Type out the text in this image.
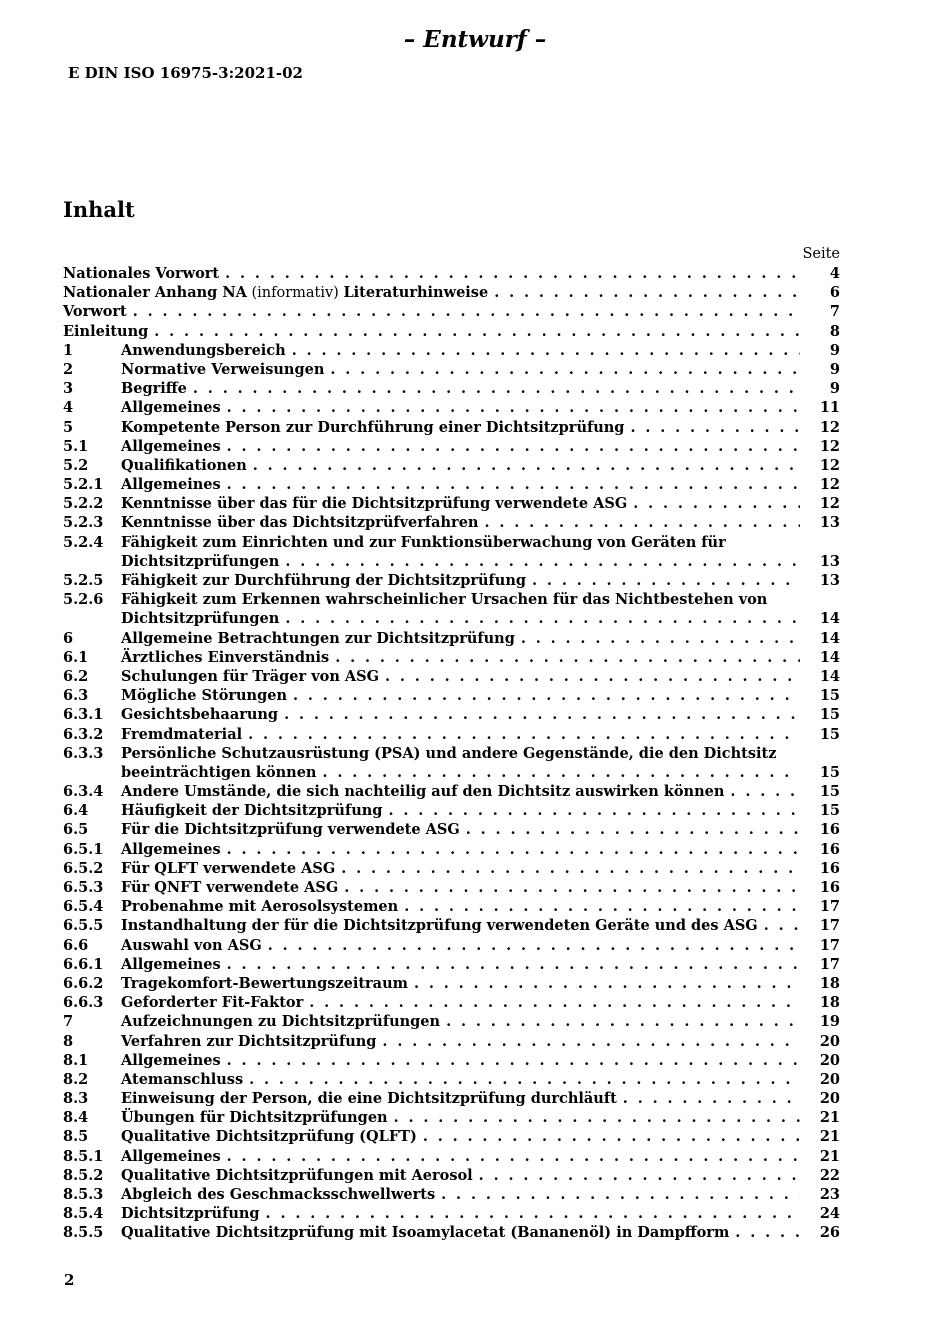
– Entwurf –
E DIN ISO 16975-3:2021-02
Inhalt
Seite
Nationales Vorwort . . .	4
Nationaler Anhang NA
(informativ)
Literaturhinweise . . .	6
Vorwort . . .	7
Einleitung . . .	8
1	Anwendungsbereich . . .	9
2	Normative Verweisungen . . .	9
3	Begriffe . . .	9
4	Allgemeines . . .	11
5	Kompetente Person zur Durchführung einer Dichtsitzprüfung . . .	12
5.1	Allgemeines . . .	12
5.2	Qualifikationen . . .	12
5.2.1	Allgemeines . . .	12
5.2.2	Kenntnisse über das für die Dichtsitzprüfung verwendete ASG . . .	12
5.2.3	Kenntnisse über das Dichtsitzprüfverfahren . . .	13
5.2.4	Fähigkeit zum Einrichten und zur Funktionsüberwachung von Geräten für
Dichtsitzprüfungen . . .	13
5.2.5	Fähigkeit zur Durchführung der Dichtsitzprüfung . . .	13
5.2.6	Fähigkeit zum Erkennen wahrscheinlicher Ursachen für das Nichtbestehen von
Dichtsitzprüfungen . . .	14
6	Allgemeine Betrachtungen zur Dichtsitzprüfung . . .	14
6.1	Ärztliches Einverständnis . . .	14
6.2	Schulungen für Träger von ASG . . .	14
6.3	Mögliche Störungen . . .	15
6.3.1	Gesichtsbehaarung . . .	15
6.3.2	Fremdmaterial . . .	15
6.3.3	Persönliche Schutzausrüstung (PSA) und andere Gegenstände, die den Dichtsitz
beeinträchtigen können . . .	15
6.3.4	Andere Umstände, die sich nachteilig auf den Dichtsitz auswirken können . . .	15
6.4	Häufigkeit der Dichtsitzprüfung . . .	15
6.5	Für die Dichtsitzprüfung verwendete ASG . . .	16
6.5.1	Allgemeines . . .	16
6.5.2	Für QLFT verwendete ASG . . .	16
6.5.3	Für QNFT verwendete ASG . . .	16
6.5.4	Probenahme mit Aerosolsystemen . . .	17
6.5.5	Instandhaltung der für die Dichtsitzprüfung verwendeten Geräte und des ASG . . .	17
6.6	Auswahl von ASG . . .	17
6.6.1	Allgemeines . . .	17
6.6.2	Tragekomfort-Bewertungszeitraum . . .	18
6.6.3	Geforderter Fit-Faktor . . .	18
7	Aufzeichnungen zu Dichtsitzprüfungen . . .	19
8	Verfahren zur Dichtsitzprüfung . . .	20
8.1	Allgemeines . . .	20
8.2	Atemanschluss . . .	20
8.3	Einweisung der Person, die eine Dichtsitzprüfung durchläuft . . .	20
8.4	Übungen für Dichtsitzprüfungen . . .	21
8.5	Qualitative Dichtsitzprüfung (QLFT) . . .	21
8.5.1	Allgemeines . . .	21
8.5.2	Qualitative Dichtsitzprüfungen mit Aerosol . . .	22
8.5.3	Abgleich des Geschmacksschwellwerts . . .	23
8.5.4	Dichtsitzprüfung . . .	24
8.5.5	Qualitative Dichtsitzprüfung mit Isoamylacetat (Bananenöl) in Dampfform . . .	26
2
